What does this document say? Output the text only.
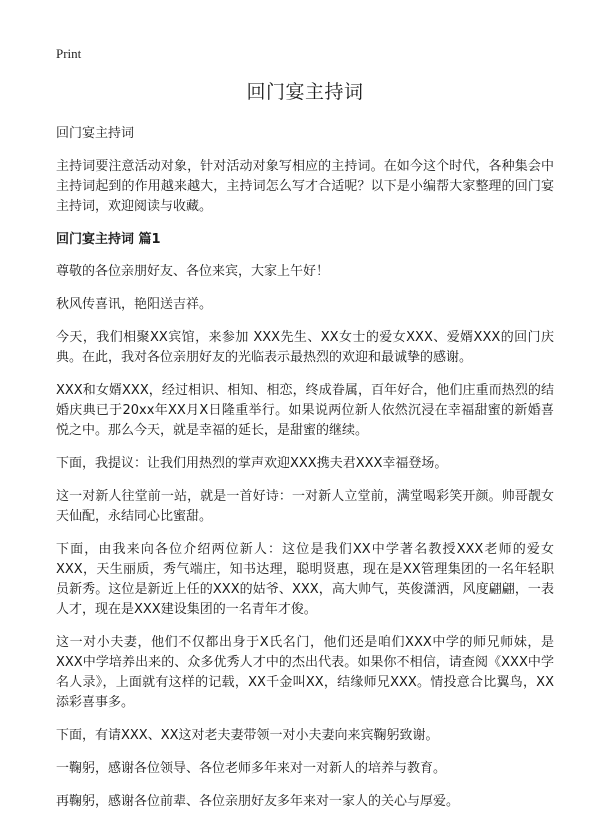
Print
回门宴主持词

回门宴主持词

主持词要注意活动对象，针对活动对象写相应的主持词。在如今这个时代，各种集会中主持词起到的作用越来越大，主持词怎么写才合适呢？以下是小编帮大家整理的回门宴主持词，欢迎阅读与收藏。

回门宴主持词 篇1

尊敬的各位亲朋好友、各位来宾，大家上午好！

秋风传喜讯，艳阳送吉祥。

今天，我们相聚XX宾馆，来参加 XXX先生、XX女士的爱女XXX、爱婿XXX的回门庆典。在此，我对各位亲朋好友的光临表示最热烈的欢迎和最诚挚的感谢。

XXX和女婿XXX，经过相识、相知、相恋，终成眷属，百年好合，他们庄重而热烈的结婚庆典已于20xx年XX月X日隆重举行。如果说两位新人依然沉浸在幸福甜蜜的新婚喜悦之中。那么今天，就是幸福的延长，是甜蜜的继续。

下面，我提议：让我们用热烈的掌声欢迎XXX携夫君XXX幸福登场。

这一对新人往堂前一站，就是一首好诗：一对新人立堂前，满堂喝彩笑开颜。帅哥靓女天仙配，永结同心比蜜甜。

下面，由我来向各位介绍两位新人：这位是我们XX中学著名教授XXX老师的爱女XXX，天生丽质，秀气端庄，知书达理，聪明贤惠，现在是XX管理集团的一名年轻职员新秀。这位是新近上任的XXX的姑爷、XXX，高大帅气，英俊潇洒，风度翩翩，一表人才，现在是XXX建设集团的一名青年才俊。

这一对小夫妻，他们不仅都出身于X氏名门，他们还是咱们XXX中学的师兄师妹，是XXX中学培养出来的、众多优秀人才中的杰出代表。如果你不相信，请查阅《XXX中学名人录》，上面就有这样的记载，XX千金叫XX，结缘师兄XXX。情投意合比翼鸟，XX添彩喜事多。

下面，有请XXX、XX这对老夫妻带领一对小夫妻向来宾鞠躬致谢。

一鞠躬，感谢各位领导、各位老师多年来对一对新人的培养与教育。

再鞠躬，感谢各位前辈、各位亲朋好友多年来对一家人的关心与厚爱。
